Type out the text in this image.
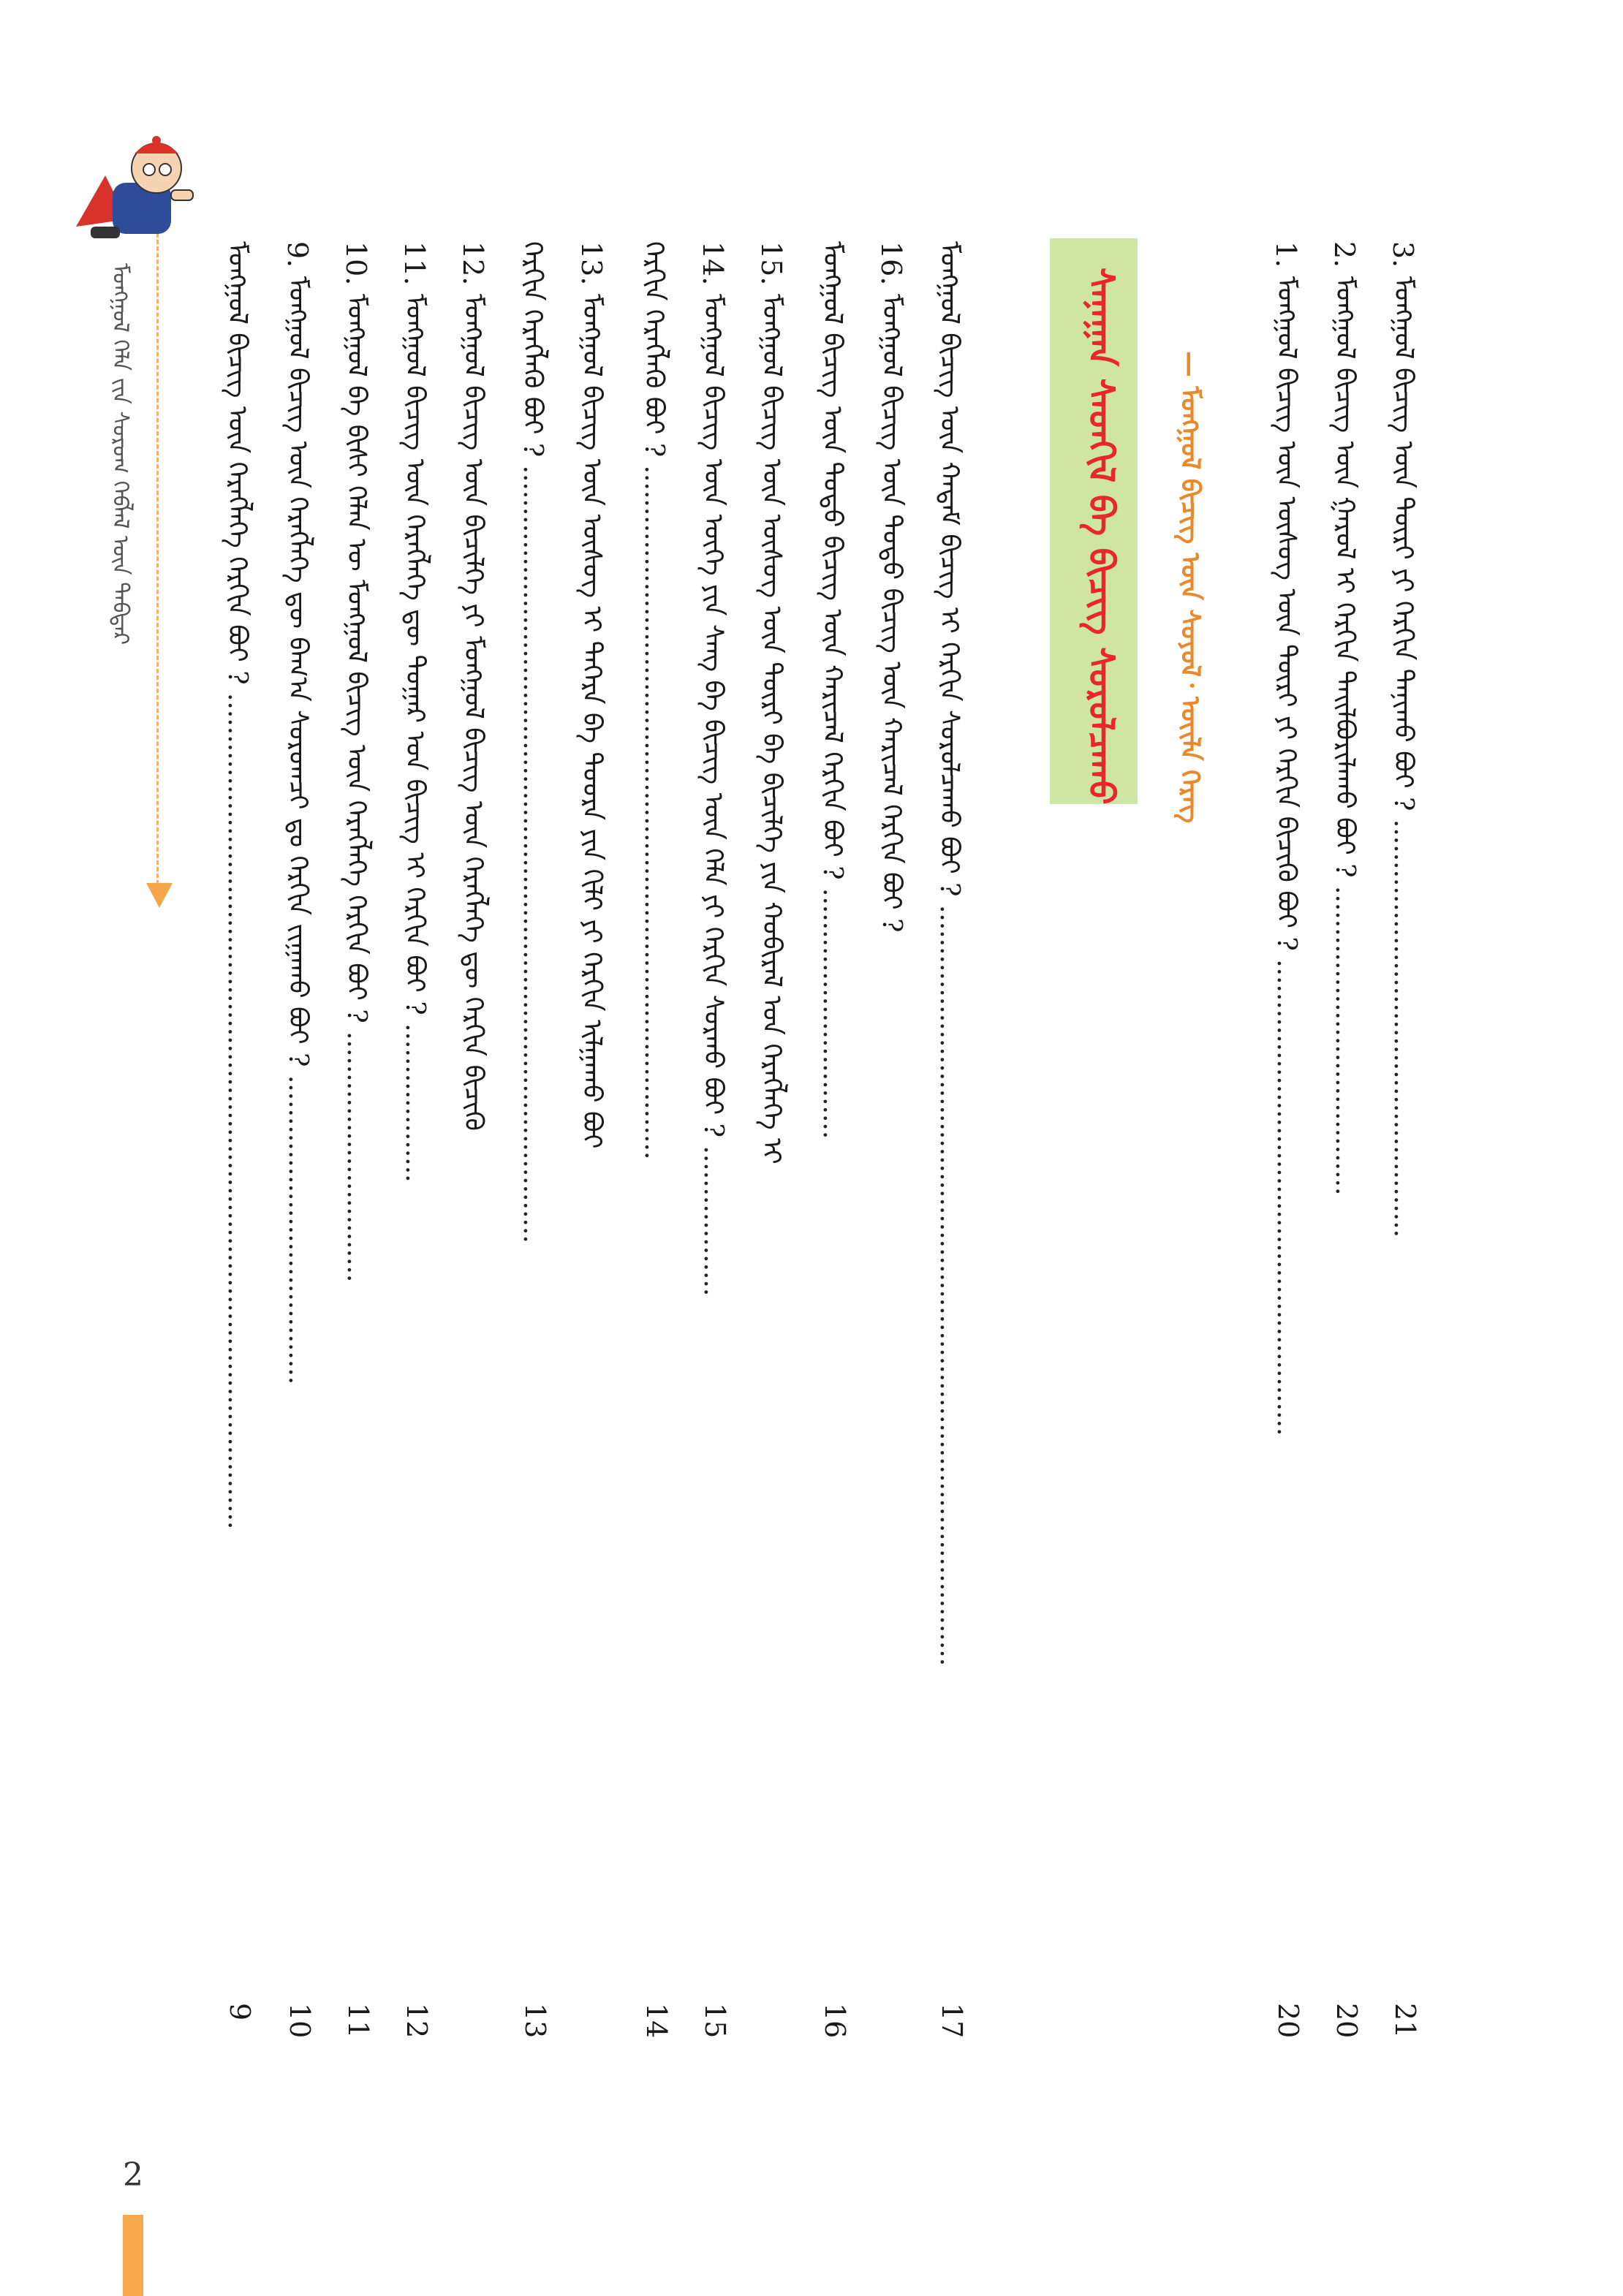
3. ᠮᠣᠩᠭᠣᠯ ᠪᠢᠴᠢᠭ᠌ ᠦᠨ ᠳᠦᠷᠢ ᠶᠢ ᠬᠡᠷᠬᠢᠨ ᠲᠠᠨᠢᠬᠤ ᠪᠤᠢ ? ..................................................
21
2. ᠮᠣᠩᠭᠣᠯ ᠪᠢᠴᠢᠭ᠌ ᠦᠨ ᠭᠠᠷᠤᠯ ᠢ ᠬᠡᠷᠬᠢᠨ ᠲᠠᠢᠯᠪᠤᠷᠢᠯᠠᠬᠤ ᠪᠤᠢ ? .....................................
20
1. ᠮᠣᠩᠭᠣᠯ ᠪᠢᠴᠢᠭ᠌ ᠦᠨ ᠦᠰᠦᠭ ᠦᠨ ᠳᠦᠷᠢ ᠶᠢ ᠬᠡᠷᠬᠢᠨ ᠪᠢᠴᠢᠬᠦ ᠪᠤᠢ ? .........................................................
20
— ᠮᠣᠩᠭᠣᠯ ᠪᠢᠴᠢᠭ᠌ ᠦᠨ ᠰᠣᠶᠣᠯ᠂ ᠦᠢᠯᠡ ᠬᠡᠷᠡᠭ
ᠰᠠᠨᠠᠭᠠᠨ ᠰᠡᠳᠬᠢᠯ ᠪᠠ ᠪᠢᠴᠢᠭ ᠰᠤᠷᠤᠯᠴᠠᠬᠤ
ᠮᠣᠩᠭᠣᠯ ᠪᠢᠴᠢᠭ᠌ ᠦᠨ ᠬᠠᠳᠠᠮ ᠪᠢᠴᠢᠭ ᠢ ᠬᠡᠷᠬᠢᠨ ᠰᠤᠷᠤᠯᠴᠠᠬᠤ ᠪᠤᠢ ? ...........................................................................................
17
16. ᠮᠣᠩᠭᠣᠯ ᠪᠢᠴᠢᠭ᠌ ᠦᠨ ᠲᠣᠳᠣ ᠪᠢᠴᠢᠭ᠌ ᠦᠨ ᠬᠠᠷᠢᠴᠠᠯ ᠬᠡᠷᠬᠢᠨ ᠪᠤᠢ ?
ᠮᠣᠩᠭᠣᠯ ᠪᠢᠴᠢᠭ᠌ ᠦᠨ ᠲᠣᠳᠣ ᠪᠢᠴᠢᠭ᠌ ᠦᠨ ᠬᠠᠷᠢᠴᠠᠯ ᠬᠡᠷᠬᠢᠨ ᠪᠤᠢ ? ..............................
16
15. ᠮᠣᠩᠭᠣᠯ ᠪᠢᠴᠢᠭ᠌ ᠦᠨ ᠦᠰᠦᠭ ᠦᠨ ᠳᠦᠷᠢ ᠪᠠ ᠪᠢᠴᠢᠯᠭᠡ ᠶᠢᠨ ᠬᠤᠪᠢᠷᠠᠯ ᠤᠨ ᠬᠡᠷᠡᠭᠯᠡᠭᠡ ᠢ
14. ᠮᠣᠩᠭᠣᠯ ᠪᠢᠴᠢᠭ᠌ ᠦᠨ ᠦᠭᠡ ᠶᠢᠨ ᠰᠠᠩ ᠪᠠ ᠪᠢᠴᠢᠭ᠌ ᠦᠨ ᠬᠡᠯᠡ ᠶᠢ ᠬᠡᠷᠬᠢᠨ ᠰᠤᠷᠬᠤ ᠪᠤᠢ ? ..................
15
ᠬᠡᠷᠬᠢᠨ ᠬᠡᠷᠡᠭᠯᠡᠬᠦ ᠪᠤᠢ ? ...................................................................................
14
13. ᠮᠣᠩᠭᠣᠯ ᠪᠢᠴᠢᠭ᠌ ᠦᠨ ᠦᠰᠦᠭ ᠢ ᠳᠡᠭᠡᠷᠡ ᠪᠠ ᠳᠣᠣᠷᠠ ᠶᠢᠨ ᠬᠢᠯᠢ ᠶᠢ ᠬᠡᠷᠬᠢᠨ ᠢᠯᠭᠠᠬᠤ ᠪᠤᠢ
ᠬᠡᠷᠬᠢᠨ ᠬᠡᠷᠡᠭᠯᠡᠬᠦ ᠪᠤᠢ ? .............................................................................................
13
12. ᠮᠣᠩᠭᠣᠯ ᠪᠢᠴᠢᠭ᠌ ᠦᠨ ᠪᠢᠴᠢᠯᠭᠡ ᠶᠢ ᠮᠣᠩᠭᠣᠯ ᠪᠢᠴᠢᠭ᠌ ᠦᠨ ᠬᠡᠷᠡᠭᠯᠡᠭᠡ ᠳᠦ ᠬᠡᠷᠬᠢᠨ ᠪᠢᠴᠢᠬᠦ
11. ᠮᠣᠩᠭᠣᠯ ᠪᠢᠴᠢᠭ᠌ ᠦᠨ ᠬᠡᠷᠡᠭᠯᠡᠭᠡ ᠳᠦ ᠳᠤᠭᠠᠷ ᠤᠨ ᠪᠢᠴᠢᠭ ᠢ ᠬᠡᠷᠬᠢᠨ ᠪᠤᠢ ? ...................
12
10. ᠮᠣᠩᠭᠣᠯ ᠪᠠ ᠪᠢᠰᠢ ᠬᠡᠯᠡᠨ ᠦ ᠮᠣᠩᠭᠣᠯ ᠪᠢᠴᠢᠭ᠌ ᠦᠨ ᠬᠡᠷᠡᠭᠯᠡᠭᠡ ᠬᠡᠷᠬᠢᠨ ᠪᠤᠢ ? ..............................
11
9. ᠮᠣᠩᠭᠣᠯ ᠪᠢᠴᠢᠭ᠌ ᠦᠨ ᠬᠡᠷᠡᠭᠯᠡᠭᠡ ᠳᠦ ᠪᠠᠭ᠎ᠠ ᠰᠤᠷᠤᠭᠴᠢ ᠳᠤ ᠬᠡᠷᠬᠢᠨ ᠵᠢᠭᠠᠬᠤ ᠪᠤᠢ ? .....................................
10
ᠮᠣᠩᠭᠣᠯ ᠪᠢᠴᠢᠭ᠌ ᠦᠨ ᠬᠡᠷᠡᠭᠯᠡᠭᠡ ᠬᠡᠷᠬᠢᠨ ᠪᠤᠢ ? ....................................................................................................
9
ᠮᠣᠩᠭᠣᠯ ᠬᠡᠯᠡ ᠵᠢᠨ ᠰᠤᠷᠤᠭ ᠬᠡᠪᠯᠡᠯ ᠦᠨ ᠳᠡᠪᠲᠡᠷ
2
